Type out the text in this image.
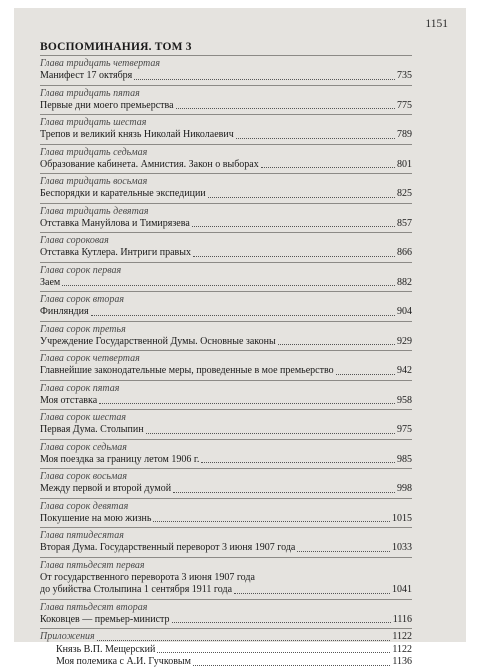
1151
ВОСПОМИНАНИЯ. ТОМ 3
Глава тридцать четвертая
Манифест 17 октября	735
Глава тридцать пятая
Первые дни моего премьерства	775
Глава тридцать шестая
Трепов и великий князь Николай Николаевич	789
Глава тридцать седьмая
Образование кабинета. Амнистия. Закон о выборах	801
Глава тридцать восьмая
Беспорядки и карательные экспедиции	825
Глава тридцать девятая
Отставка Мануйлова и Тимирязева	857
Глава сороковая
Отставка Кутлера. Интриги правых	866
Глава сорок первая
Заем	882
Глава сорок вторая
Финляндия	904
Глава сорок третья
Учреждение Государственной Думы. Основные законы	929
Глава сорок четвертая
Главнейшие законодательные меры, проведенные в мое премьерство	942
Глава сорок пятая
Моя отставка	958
Глава сорок шестая
Первая Дума. Столыпин	975
Глава сорок седьмая
Моя поездка за границу летом 1906 г.	985
Глава сорок восьмая
Между первой и второй думой	998
Глава сорок девятая
Покушение на мою жизнь	1015
Глава пятидесятая
Вторая Дума. Государственный переворот 3 июня 1907 года	1033
Глава пятьдесят первая
От государственного переворота 3 июня 1907 года
до убийства Столыпина 1 сентября 1911 года	1041
Глава пятьдесят вторая
Коковцев — премьер-министр	1116
Приложения	1122
Князь В.П. Мещерский	1122
Моя полемика с А.И. Гучковым	1136
